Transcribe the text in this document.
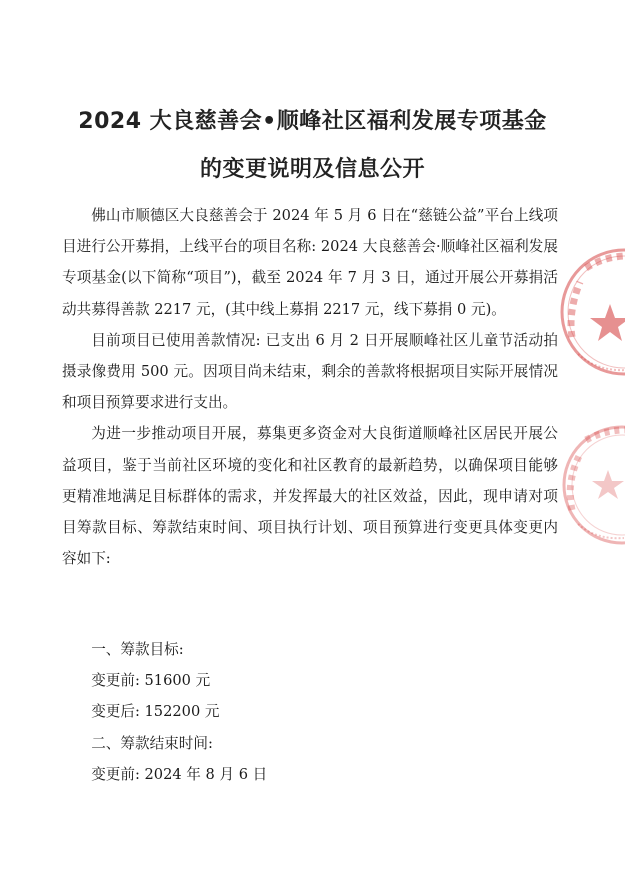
2024 大良慈善会•顺峰社区福利发展专项基金
的变更说明及信息公开

佛山市顺德区大良慈善会于 2024 年 5 月 6 日在“慈链公益”平台上线项目进行公开募捐，上线平台的项目名称: 2024 大良慈善会·顺峰社区福利发展专项基金(以下简称“项目”)，截至 2024 年 7 月 3 日，通过开展公开募捐活动共募得善款 2217 元，(其中线上募捐 2217 元，线下募捐 0 元)。

目前项目已使用善款情况: 已支出 6 月 2 日开展顺峰社区儿童节活动拍摄录像费用 500 元。因项目尚未结束，剩余的善款将根据项目实际开展情况和项目预算要求进行支出。

为进一步推动项目开展，募集更多资金对大良街道顺峰社区居民开展公益项目，鉴于当前社区环境的变化和社区教育的最新趋势，以确保项目能够更精准地满足目标群体的需求，并发挥最大的社区效益，因此，现申请对项目筹款目标、筹款结束时间、项目执行计划、项目预算进行变更具体变更内容如下:

一、筹款目标:
变更前: 51600 元
变更后: 152200 元
二、筹款结束时间:
变更前: 2024 年 8 月 6 日
